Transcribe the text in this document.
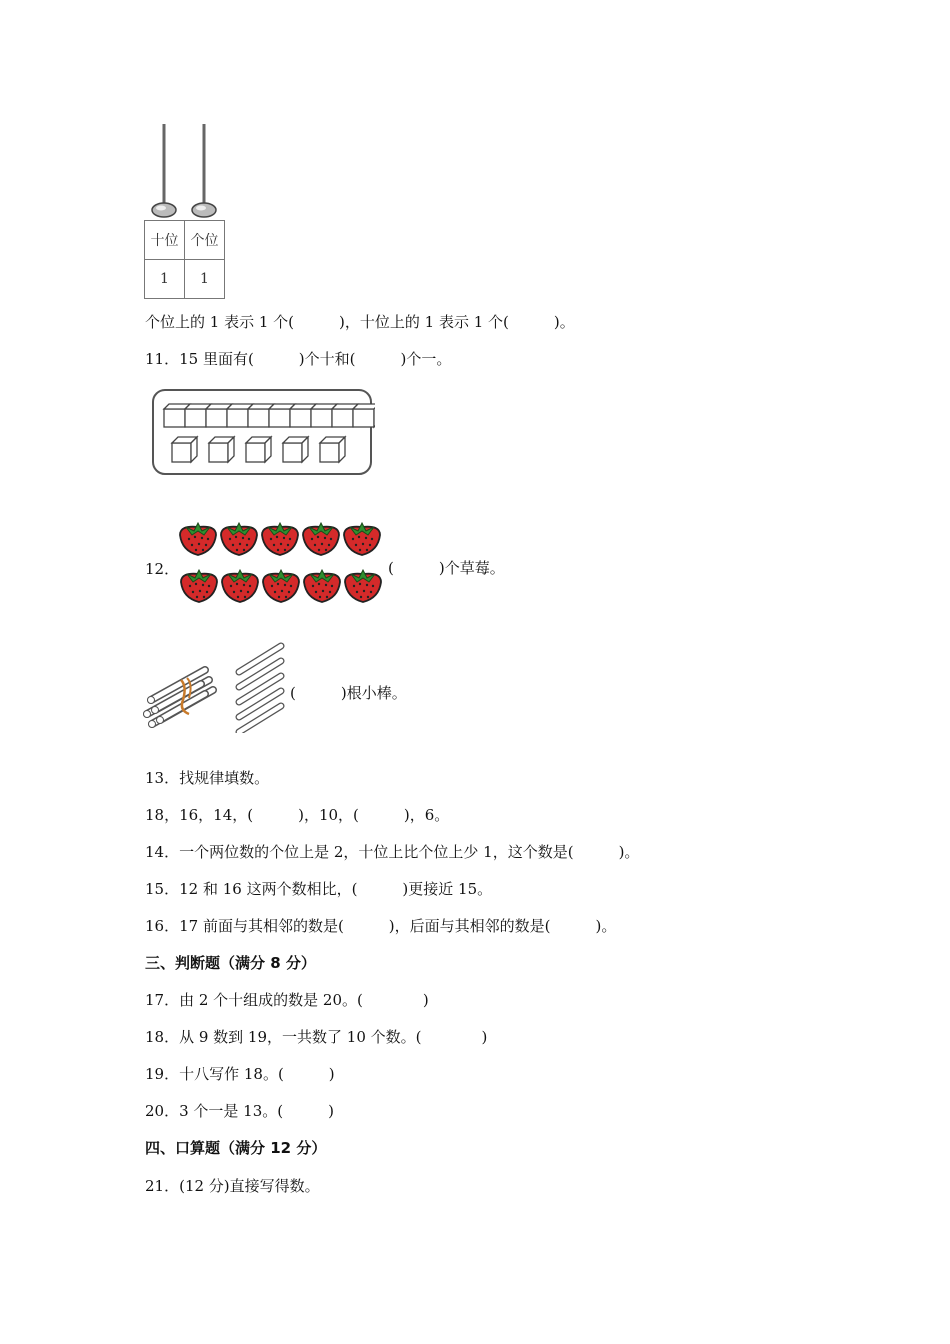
十位	个位
1	1
个位上的 1 表示 1 个(　　　)，十位上的 1 表示 1 个(　　　)。
11．15 里面有(　　　)个十和(　　　)个一。
12．	(　　　)个草莓。
(　　　)根小棒。
13．找规律填数。
18，16，14，(　　　)，10，(　　　)，6。
14．一个两位数的个位上是 2，十位上比个位上少 1，这个数是(　　　)。
15．12 和 16 这两个数相比，(　　　)更接近 15。
16．17 前面与其相邻的数是(　　　)，后面与其相邻的数是(　　　)。
三、判断题（满分 8 分）
17．由 2 个十组成的数是 20。(　　　　)
18．从 9 数到 19，一共数了 10 个数。(　　　　)
19．十八写作 18。(　　　)
20．3 个一是 13。(　　　)
四、口算题（满分 12 分）
21．(12 分)直接写得数。
